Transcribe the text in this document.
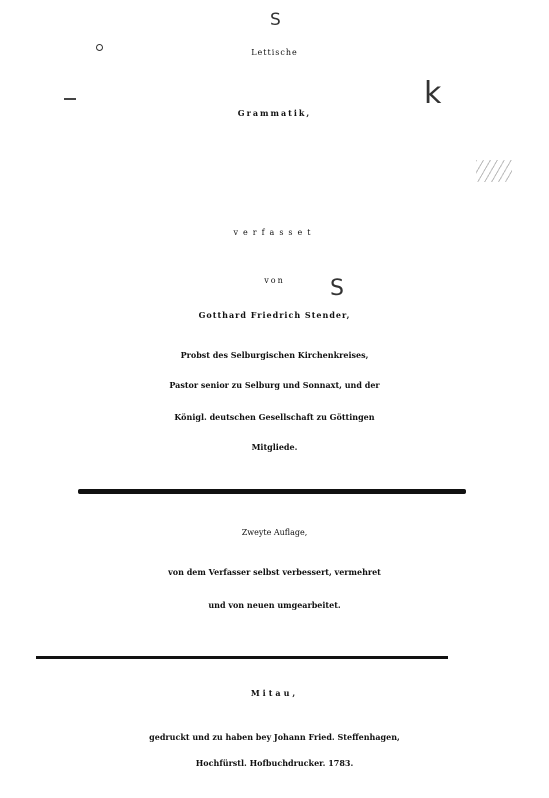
S
k
S
Lettische
Grammatik,
verfasset
von
Gotthard Friedrich Stender,
Probst des Selburgischen Kirchenkreises,
Pastor senior zu Selburg und Sonnaxt, und der
Königl. deutschen Gesellschaft zu Göttingen
Mitgliede.
Zweyte Auflage,
von dem Verfasser selbst verbessert, vermehret
und von neuen umgearbeitet.
Mitau,
gedruckt und zu haben bey Johann Fried. Steffenhagen,
Hochfürstl. Hofbuchdrucker. 1783.
